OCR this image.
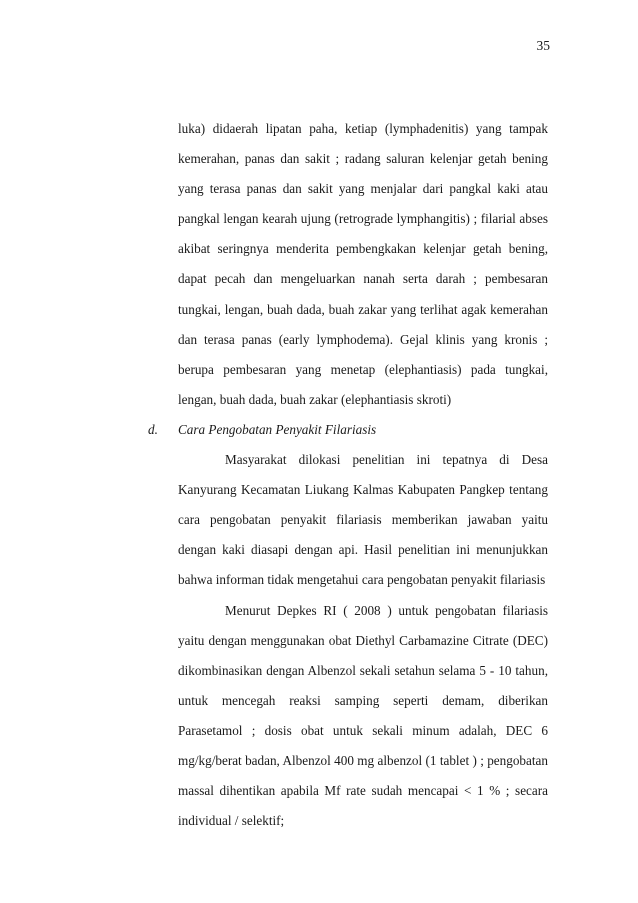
35

luka) didaerah lipatan paha, ketiap (lymphadenitis) yang tampak kemerahan, panas dan sakit ; radang saluran kelenjar getah bening yang terasa panas dan sakit yang menjalar dari pangkal kaki atau pangkal lengan kearah ujung (retrograde lymphangitis) ; filarial abses akibat seringnya menderita pembengkakan kelenjar getah bening, dapat pecah dan mengeluarkan nanah serta darah ; pembesaran tungkai, lengan, buah dada, buah zakar yang terlihat agak kemerahan dan terasa panas (early lymphodema). Gejal klinis yang kronis ; berupa pembesaran yang menetap (elephantiasis) pada tungkai, lengan, buah dada, buah zakar (elephantiasis skroti)

d.	Cara Pengobatan Penyakit Filariasis

Masyarakat dilokasi penelitian ini tepatnya di Desa Kanyurang Kecamatan Liukang Kalmas Kabupaten Pangkep tentang cara pengobatan penyakit filariasis memberikan jawaban yaitu dengan kaki diasapi dengan api. Hasil penelitian ini menunjukkan bahwa informan tidak mengetahui cara pengobatan penyakit filariasis

Menurut Depkes RI ( 2008 ) untuk pengobatan filariasis yaitu dengan menggunakan obat Diethyl Carbamazine Citrate (DEC) dikombinasikan dengan Albenzol sekali setahun selama 5 - 10 tahun, untuk mencegah reaksi samping seperti demam, diberikan Parasetamol ; dosis obat untuk sekali minum adalah, DEC 6 mg/kg/berat badan, Albenzol 400 mg albenzol (1 tablet ) ; pengobatan massal dihentikan apabila Mf rate sudah mencapai < 1 % ; secara individual / selektif;
